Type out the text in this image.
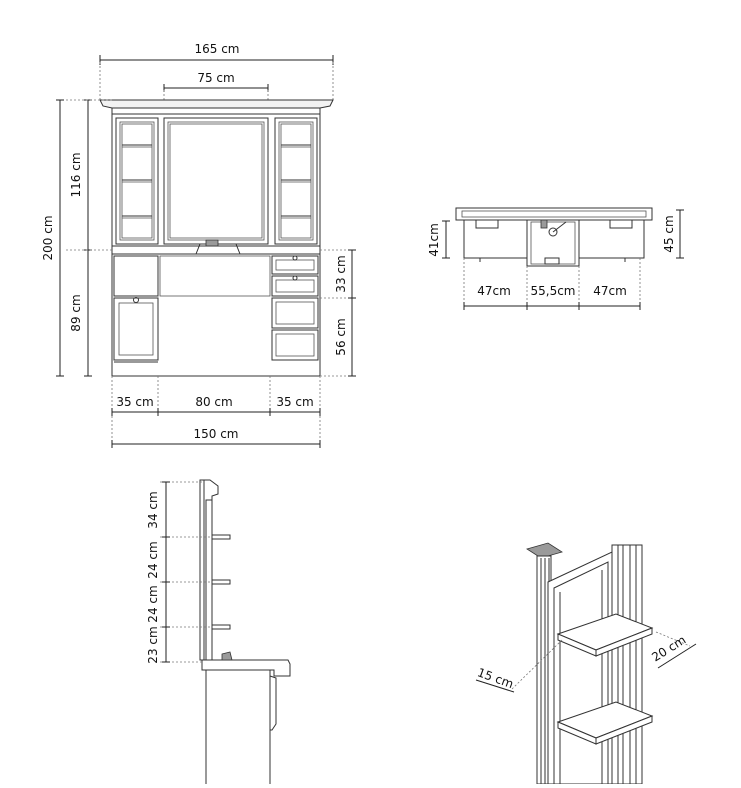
165 cm
75 cm
200 cm
116 cm
89 cm
33 cm
56 cm
35 cm	80 cm	35 cm
150 cm
41cm	45 cm
47cm 55,5cm 47cm
34 cm
24 cm
24 cm
23 cm
15 cm
20 cm
